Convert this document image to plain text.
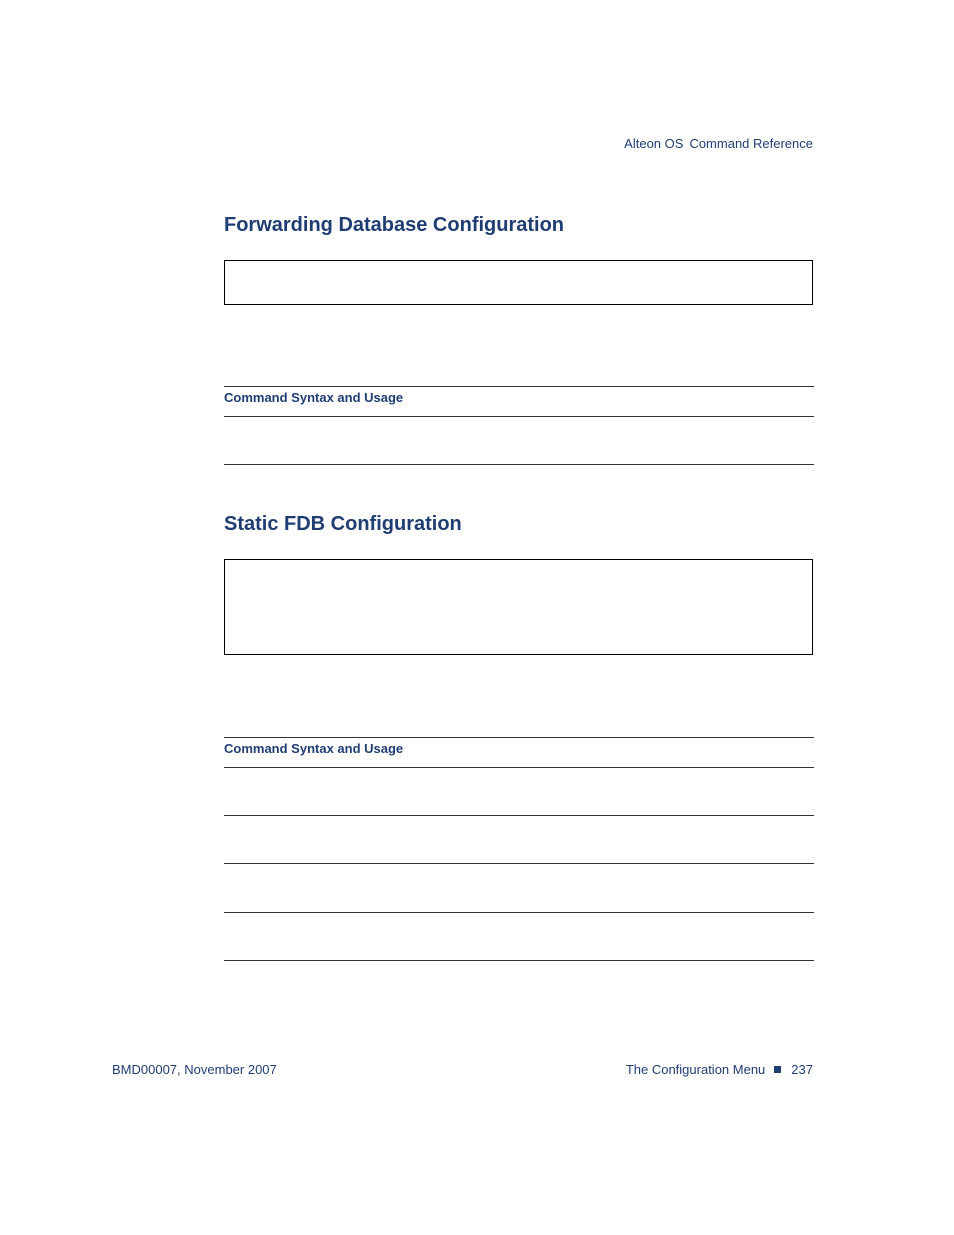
Alteon OS Command Reference
Forwarding Database Configuration
Command Syntax and Usage
Static FDB Configuration
Command Syntax and Usage
BMD00007, November 2007	The Configuration Menu 237
